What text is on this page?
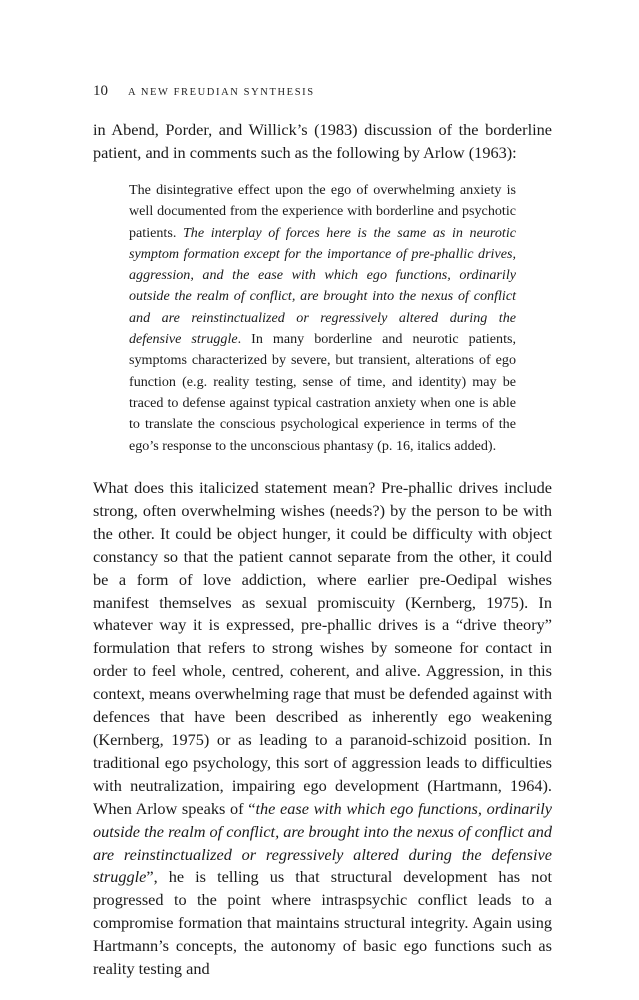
10 A NEW FREUDIAN SYNTHESIS

in Abend, Porder, and Willick’s (1983) discussion of the borderline patient, and in comments such as the following by Arlow (1963):

The disintegrative effect upon the ego of overwhelming anxiety is well documented from the experience with borderline and psychotic patients. The interplay of forces here is the same as in neurotic symptom formation except for the importance of pre-phallic drives, aggression, and the ease with which ego functions, ordinarily outside the realm of conflict, are brought into the nexus of conflict and are reinstinctualized or regressively altered during the defensive struggle. In many borderline and neurotic patients, symptoms characterized by severe, but transient, alterations of ego function (e.g. reality testing, sense of time, and identity) may be traced to defense against typical castration anxiety when one is able to translate the conscious psychological experience in terms of the ego’s response to the unconscious phantasy (p. 16, italics added).

What does this italicized statement mean? Pre-phallic drives include strong, often overwhelming wishes (needs?) by the person to be with the other. It could be object hunger, it could be difficulty with object constancy so that the patient cannot separate from the other, it could be a form of love addiction, where earlier pre-Oedipal wishes manifest themselves as sexual promiscuity (Kernberg, 1975). In whatever way it is expressed, pre-phallic drives is a “drive theory” formulation that refers to strong wishes by someone for contact in order to feel whole, centred, coherent, and alive. Aggression, in this context, means overwhelming rage that must be defended against with defences that have been described as inherently ego weakening (Kernberg, 1975) or as leading to a paranoid-schizoid position. In traditional ego psychology, this sort of aggression leads to difficulties with neutralization, impairing ego development (Hartmann, 1964). When Arlow speaks of “the ease with which ego functions, ordinarily outside the realm of conflict, are brought into the nexus of conflict and are reinstinctualized or regressively altered during the defensive struggle”, he is telling us that structural development has not progressed to the point where intraspsychic conflict leads to a compromise formation that maintains structural integrity. Again using Hartmann’s concepts, the autonomy of basic ego functions such as reality testing and
